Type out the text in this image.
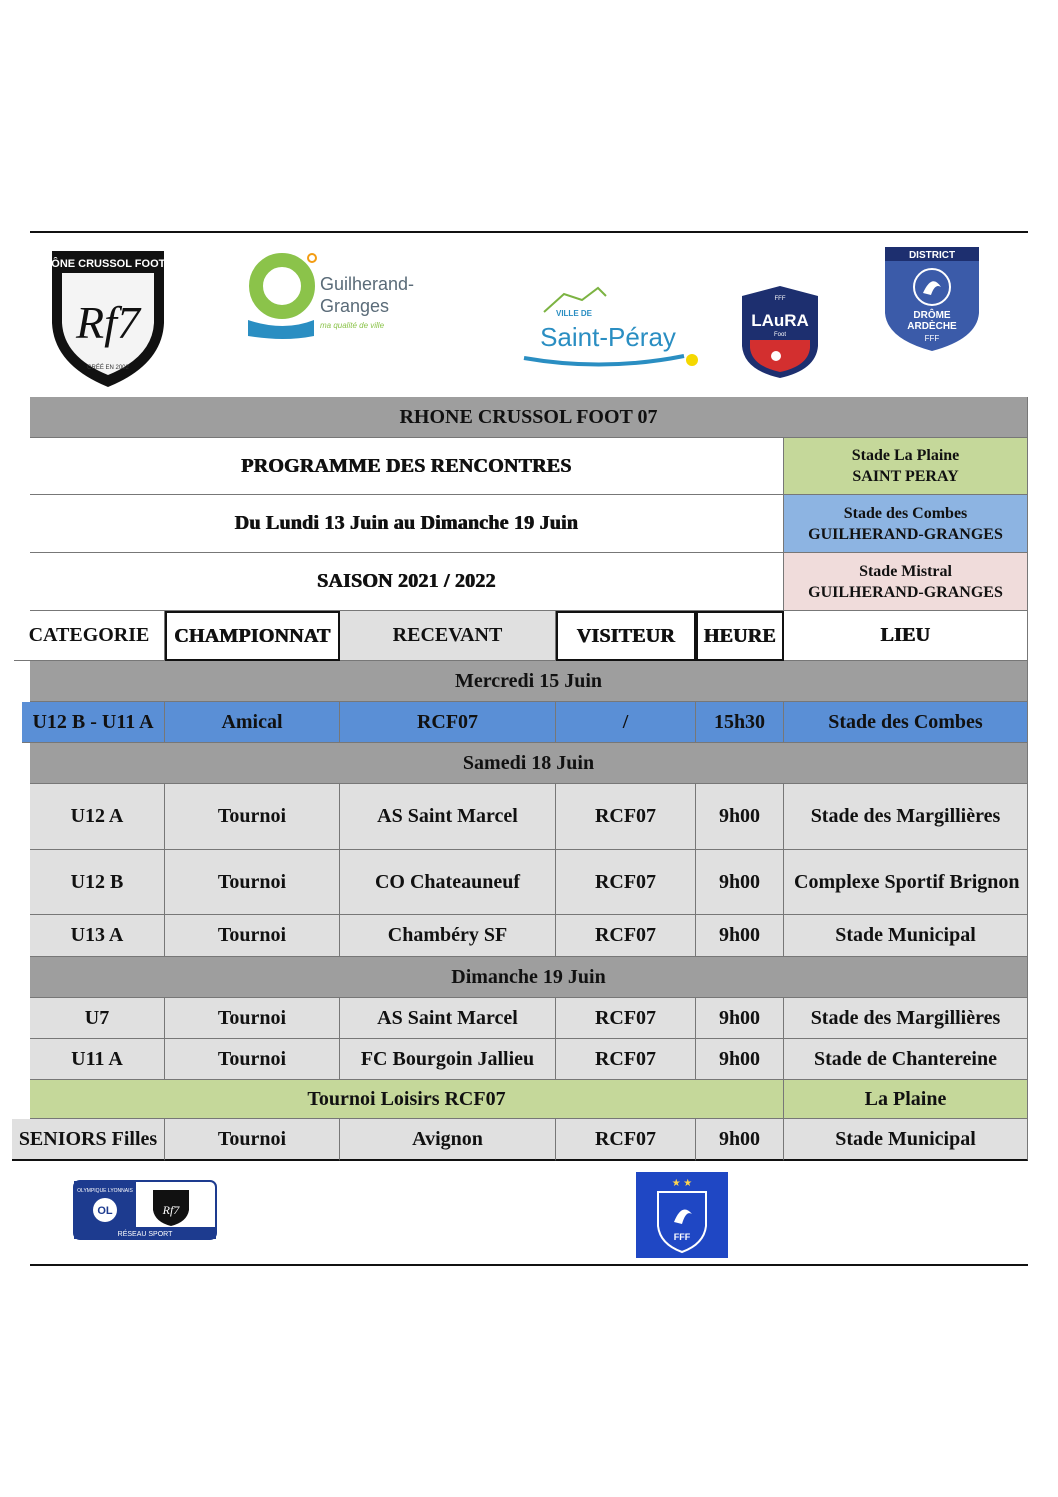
RHÔNE CRUSSOL FOOT 07
Rf7
CRÉÉ EN 2002
Guilherand-
Granges
ma qualité de ville
VILLE DE
Saint-Péray
FFF
LAuRA
Foot
DISTRICT
DRÔME
ARDÈCHE
FFF
RHONE CRUSSOL FOOT 07
PROGRAMME DES RENCONTRES	Stade La Plaine
SAINT PERAY
Du Lundi 13 Juin au Dimanche 19 Juin	Stade des Combes
GUILHERAND-GRANGES
SAISON 2021 / 2022	Stade Mistral
GUILHERAND-GRANGES
CATEGORIE	CHAMPIONNAT	RECEVANT	VISITEUR	HEURE	LIEU
Mercredi 15 Juin
U12 B - U11 A	Amical	RCF07	/	15h30	Stade des Combes
Samedi 18 Juin
U12 A	Tournoi	AS Saint Marcel	RCF07	9h00	Stade des Margillières
U12 B	Tournoi	CO Chateauneuf	RCF07	9h00	Complexe Sportif Brignon
U13 A	Tournoi	Chambéry SF	RCF07	9h00	Stade Municipal
Dimanche 19 Juin
U7	Tournoi	AS Saint Marcel	RCF07	9h00	Stade des Margillières
U11 A	Tournoi	FC Bourgoin Jallieu	RCF07	9h00	Stade de Chantereine
Tournoi Loisirs RCF07	La Plaine
SENIORS Filles	Tournoi	Avignon	RCF07	9h00	Stade Municipal
OLYMPIQUE LYONNAIS
OL
RÉSEAU SPORT
Rf7
★ ★
FFF
